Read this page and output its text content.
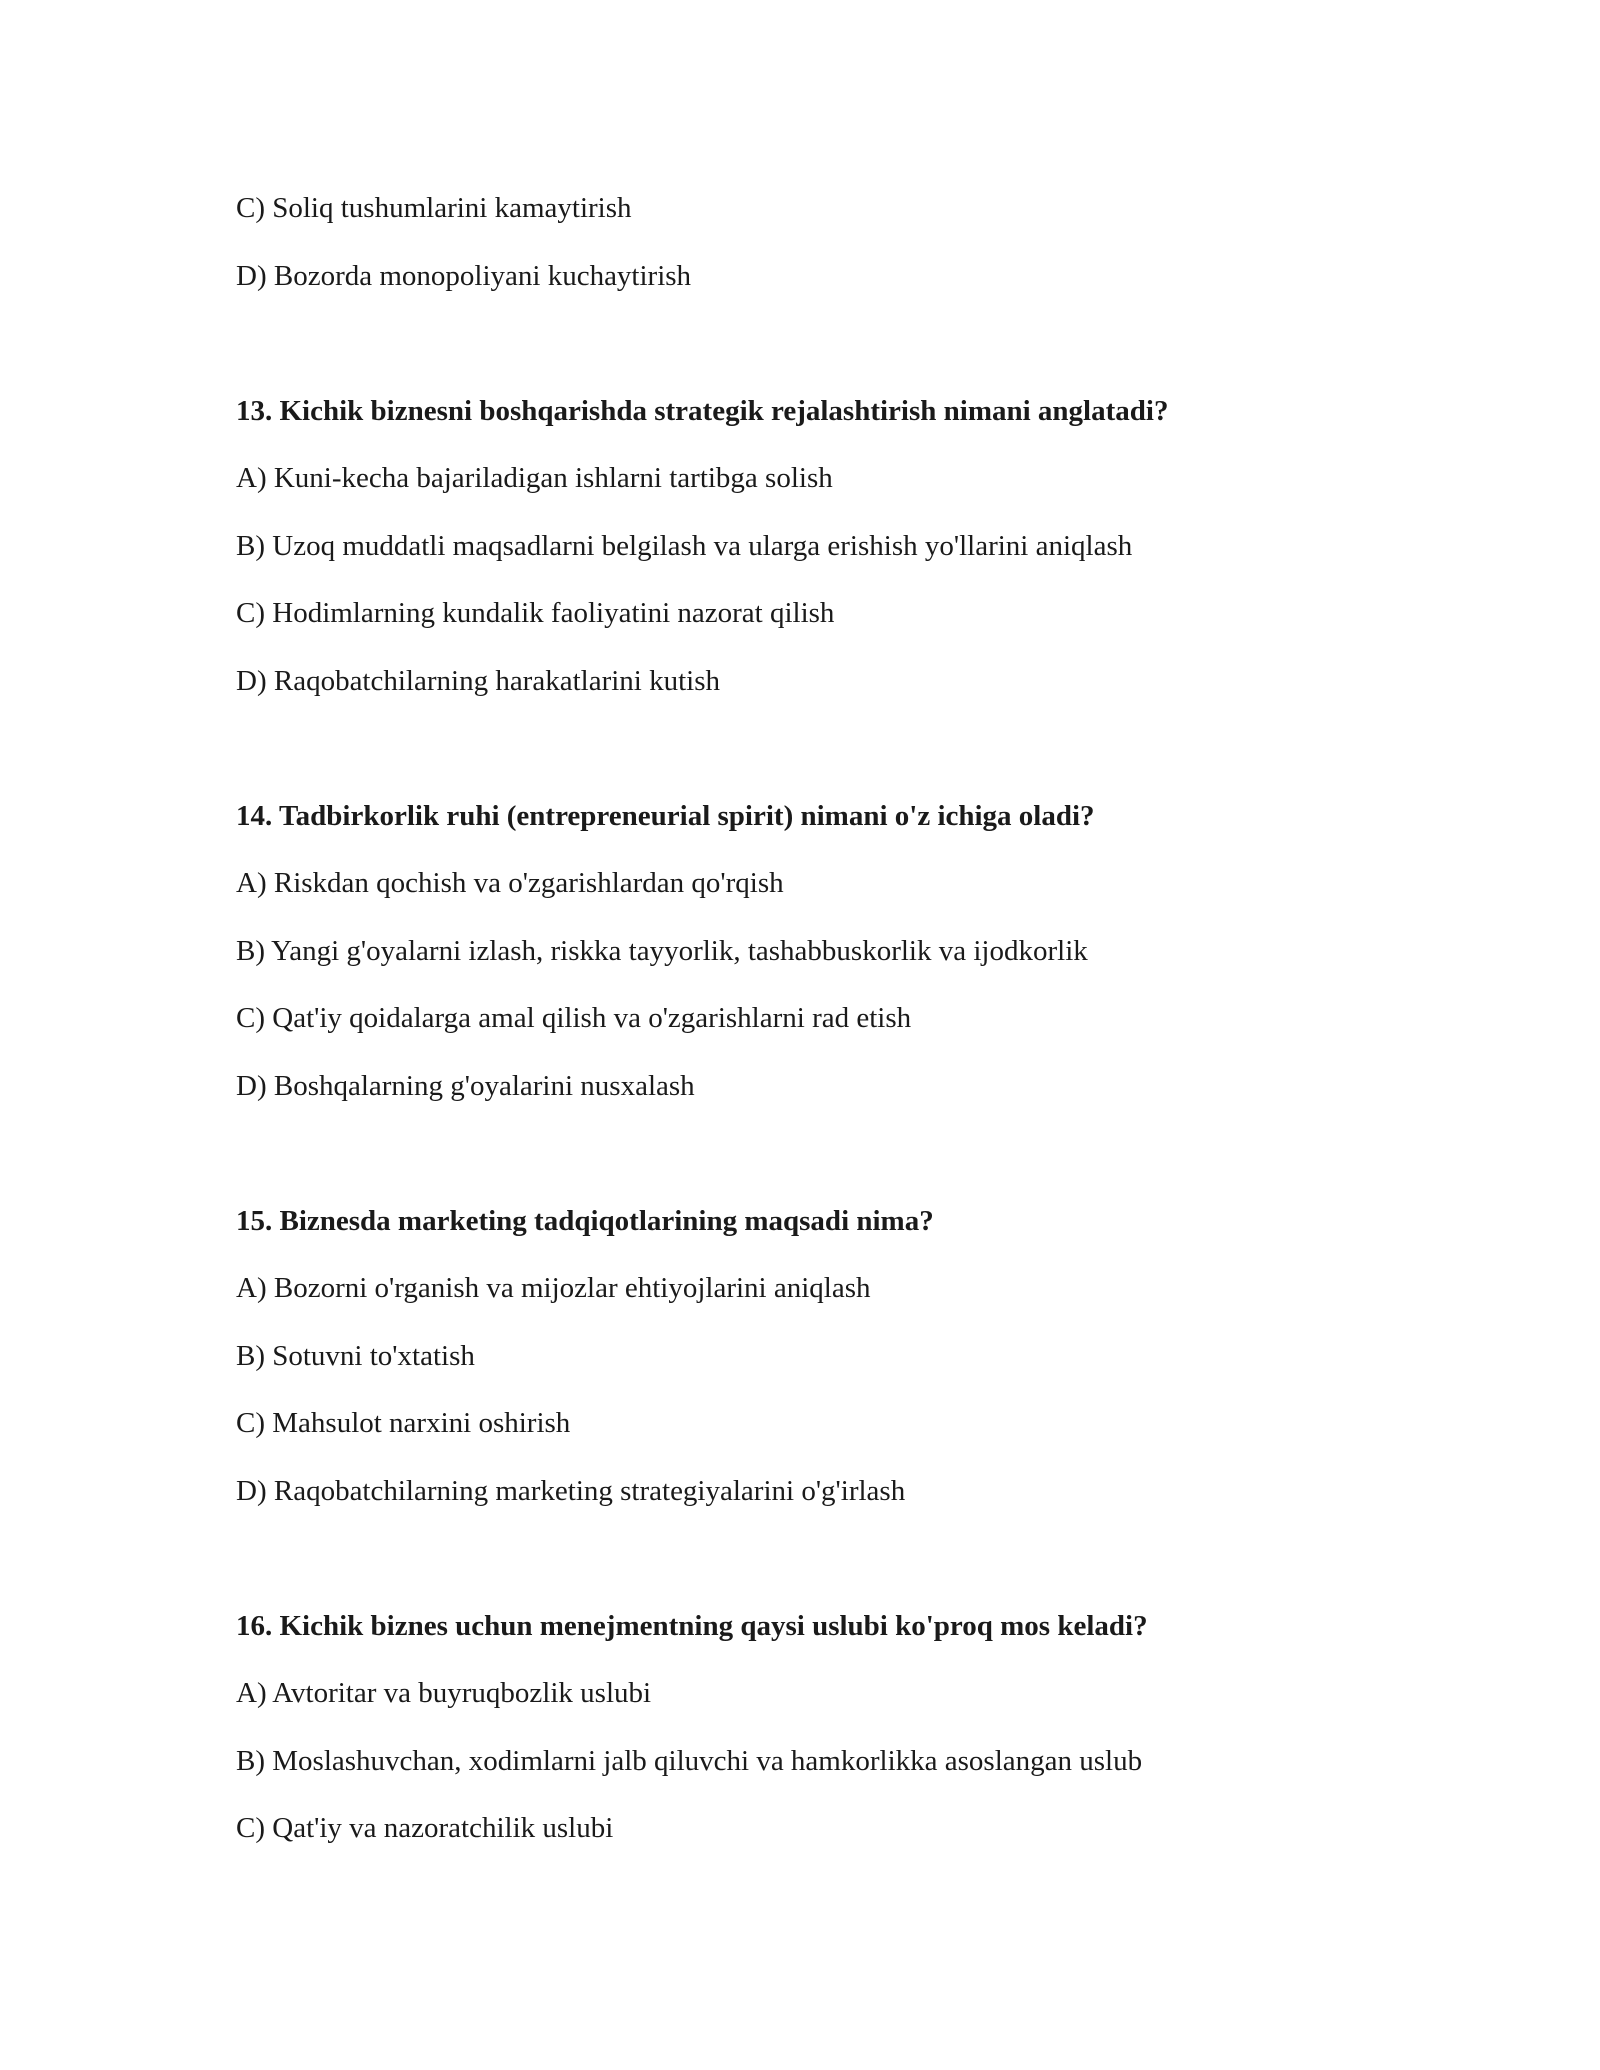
C) Soliq tushumlarini kamaytirish
D) Bozorda monopoliyani kuchaytirish
13. Kichik biznesni boshqarishda strategik rejalashtirish nimani anglatadi?
A) Kuni-kecha bajariladigan ishlarni tartibga solish
B) Uzoq muddatli maqsadlarni belgilash va ularga erishish yo'llarini aniqlash
C) Hodimlarning kundalik faoliyatini nazorat qilish
D) Raqobatchilarning harakatlarini kutish
14. Tadbirkorlik ruhi (entrepreneurial spirit) nimani o'z ichiga oladi?
A) Riskdan qochish va o'zgarishlardan qo'rqish
B) Yangi g'oyalarni izlash, riskka tayyorlik, tashabbuskorlik va ijodkorlik
C) Qat'iy qoidalarga amal qilish va o'zgarishlarni rad etish
D) Boshqalarning g'oyalarini nusxalash
15. Biznesda marketing tadqiqotlarining maqsadi nima?
A) Bozorni o'rganish va mijozlar ehtiyojlarini aniqlash
B) Sotuvni to'xtatish
C) Mahsulot narxini oshirish
D) Raqobatchilarning marketing strategiyalarini o'g'irlash
16. Kichik biznes uchun menejmentning qaysi uslubi ko'proq mos keladi?
A) Avtoritar va buyruqbozlik uslubi
B) Moslashuvchan, xodimlarni jalb qiluvchi va hamkorlikka asoslangan uslub
C) Qat'iy va nazoratchilik uslubi
